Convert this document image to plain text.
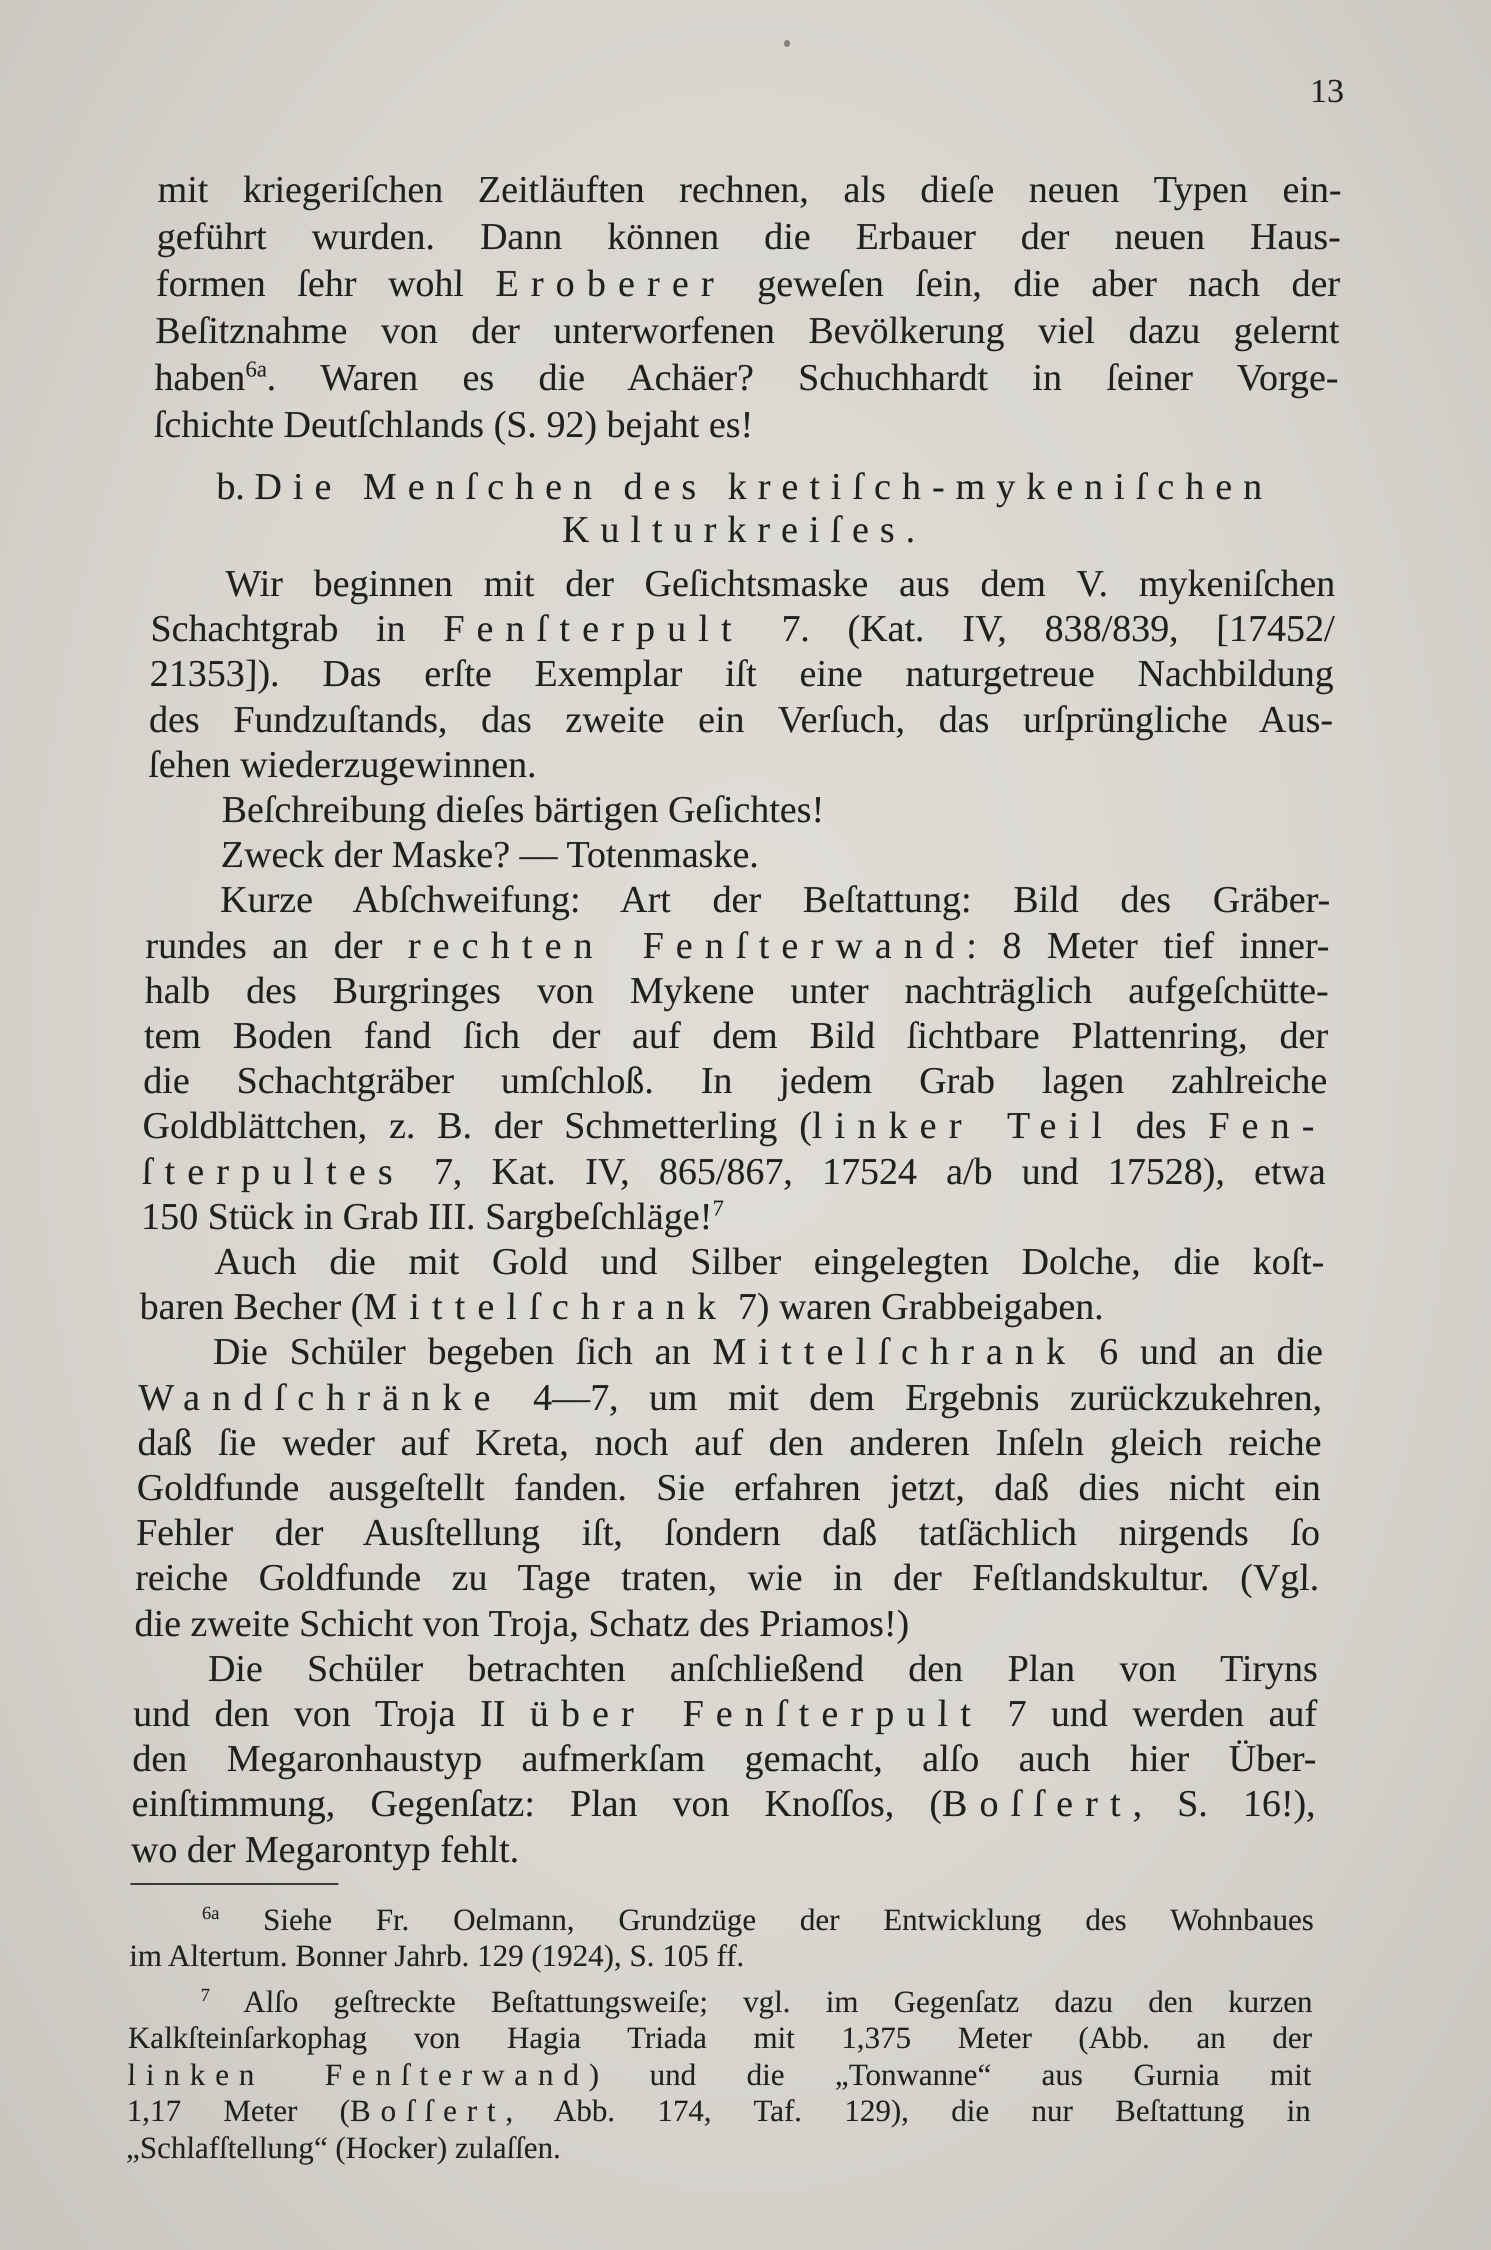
13
mit kriegeriſchen Zeitläuften rechnen, als dieſe neuen Typen ein-
geführt wurden. Dann können die Erbauer der neuen Haus-
formen ſehr wohl Eroberer geweſen ſein, die aber nach der
Beſitznahme von der unterworfenen Bevölkerung viel dazu gelernt
haben$^{6a}$. Waren es die Achäer? Schuchhardt in ſeiner Vorge-
ſchichte Deutſchlands (S. 92) bejaht es!
b. Die Menſchen des kretiſch-mykeniſchen
Kulturkreiſes.
Wir beginnen mit der Geſichtsmaske aus dem V. mykeniſchen
Schachtgrab in Fenſterpult 7. (Kat. IV, 838/839, [17452/
21353]). Das erſte Exemplar iſt eine naturgetreue Nachbildung
des Fundzuſtands, das zweite ein Verſuch, das urſprüngliche Aus-
ſehen wiederzugewinnen.
Beſchreibung dieſes bärtigen Geſichtes!
Zweck der Maske? — Totenmaske.
Kurze Abſchweifung: Art der Beſtattung: Bild des Gräber-
rundes an der rechten Fenſterwand: 8 Meter tief inner-
halb des Burgringes von Mykene unter nachträglich aufgeſchütte-
tem Boden fand ſich der auf dem Bild ſichtbare Plattenring, der
die Schachtgräber umſchloß. In jedem Grab lagen zahlreiche
Goldblättchen, z. B. der Schmetterling (linker Teil des Fen-
ſterpultes 7, Kat. IV, 865/867, 17524 a/b und 17528), etwa
150 Stück in Grab III. Sargbeſchläge!$^7$
Auch die mit Gold und Silber eingelegten Dolche, die koſt-
baren Becher (Mittelſchrank 7) waren Grabbeigaben.
Die Schüler begeben ſich an Mittelſchrank 6 und an die
Wandſchränke 4—7, um mit dem Ergebnis zurückzukehren,
daß ſie weder auf Kreta, noch auf den anderen Inſeln gleich reiche
Goldfunde ausgeſtellt fanden. Sie erfahren jetzt, daß dies nicht ein
Fehler der Ausſtellung iſt, ſondern daß tatſächlich nirgends ſo
reiche Goldfunde zu Tage traten, wie in der Feſtlandskultur. (Vgl.
die zweite Schicht von Troja, Schatz des Priamos!)
Die Schüler betrachten anſchließend den Plan von Tiryns
und den von Troja II über Fenſterpult 7 und werden auf
den Megaronhaustyp aufmerkſam gemacht, alſo auch hier Über-
einſtimmung, Gegenſatz: Plan von Knoſſos, (Boſſert, S. 16!),
wo der Megarontyp fehlt.
$^{6a}$ Siehe Fr. Oelmann, Grundzüge der Entwicklung des Wohnbaues
im Altertum. Bonner Jahrb. 129 (1924), S. 105 ff.
$^7$ Alſo geſtreckte Beſtattungsweiſe; vgl. im Gegenſatz dazu den kurzen
Kalkſteinſarkophag von Hagia Triada mit 1,375 Meter (Abb. an der
linken Fenſterwand) und die „Tonwanne“ aus Gurnia mit
1,17 Meter (Boſſert, Abb. 174, Taf. 129), die nur Beſtattung in
„Schlafſtellung“ (Hocker) zulaſſen.
